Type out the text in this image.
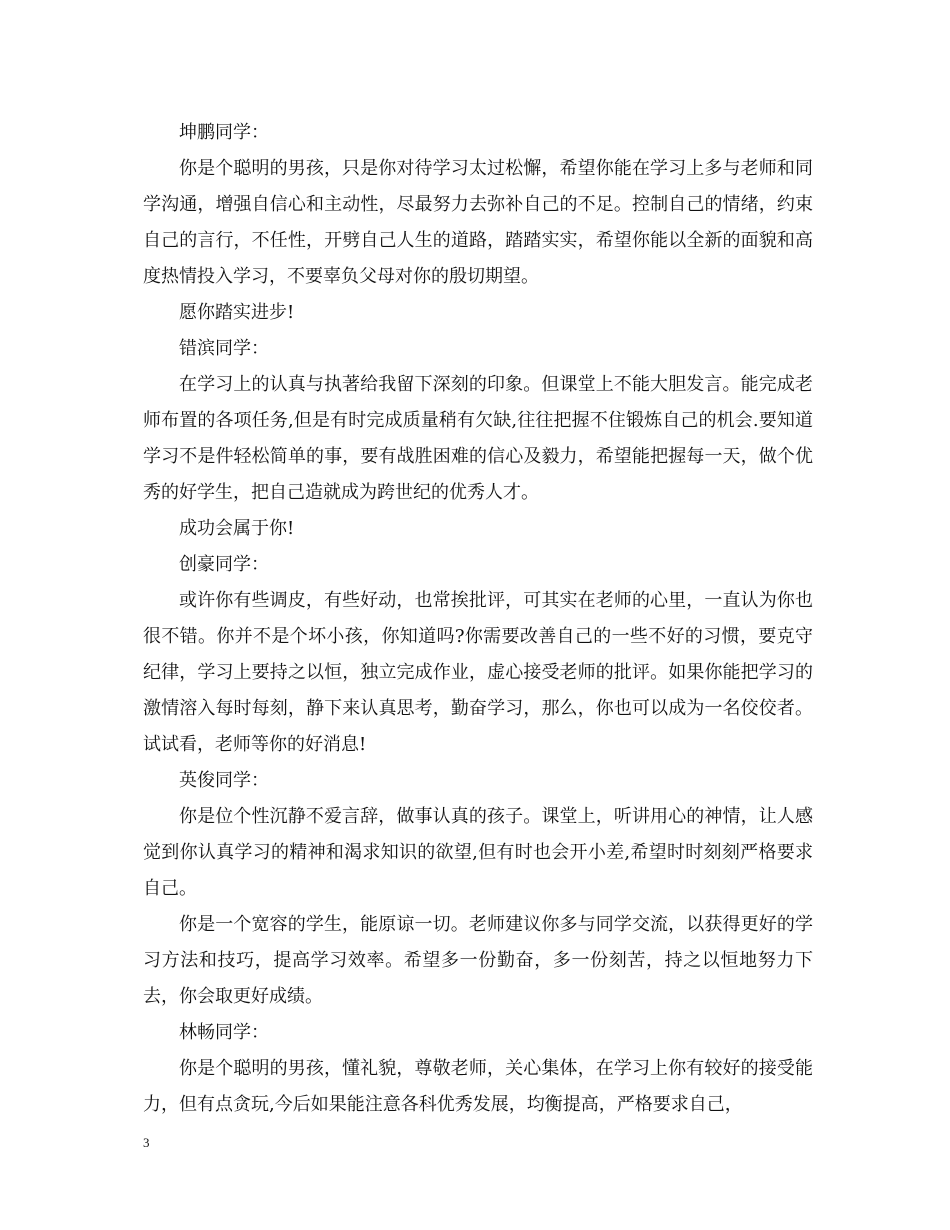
坤鹏同学：

你是个聪明的男孩，只是你对待学习太过松懈，希望你能在学习上多与老师和同学沟通，增强自信心和主动性，尽最努力去弥补自己的不足。控制自己的情绪，约束自己的言行，不任性，开劈自己人生的道路，踏踏实实，希望你能以全新的面貌和高度热情投入学习，不要辜负父母对你的殷切期望。

愿你踏实进步!

错滨同学：

在学习上的认真与执著给我留下深刻的印象。但课堂上不能大胆发言。能完成老师布置的各项任务,但是有时完成质量稍有欠缺,往往把握不住锻炼自己的机会.要知道学习不是件轻松简单的事，要有战胜困难的信心及毅力，希望能把握每一天，做个优秀的好学生，把自己造就成为跨世纪的优秀人才。

成功会属于你!

创豪同学：

或许你有些调皮，有些好动，也常挨批评，可其实在老师的心里，一直认为你也很不错。你并不是个坏小孩，你知道吗?你需要改善自己的一些不好的习惯，要克守纪律，学习上要持之以恒，独立完成作业，虚心接受老师的批评。如果你能把学习的激情溶入每时每刻，静下来认真思考，勤奋学习，那么，你也可以成为一名佼佼者。试试看，老师等你的好消息!

英俊同学：

你是位个性沉静不爱言辞，做事认真的孩子。课堂上，听讲用心的神情，让人感觉到你认真学习的精神和渴求知识的欲望,但有时也会开小差,希望时时刻刻严格要求自己。

你是一个宽容的学生，能原谅一切。老师建议你多与同学交流，以获得更好的学习方法和技巧，提高学习效率。希望多一份勤奋，多一份刻苦，持之以恒地努力下去，你会取更好成绩。

林畅同学：

你是个聪明的男孩，懂礼貌，尊敬老师，关心集体，在学习上你有较好的接受能力，但有点贪玩,今后如果能注意各科优秀发展，均衡提高，严格要求自己，

3
